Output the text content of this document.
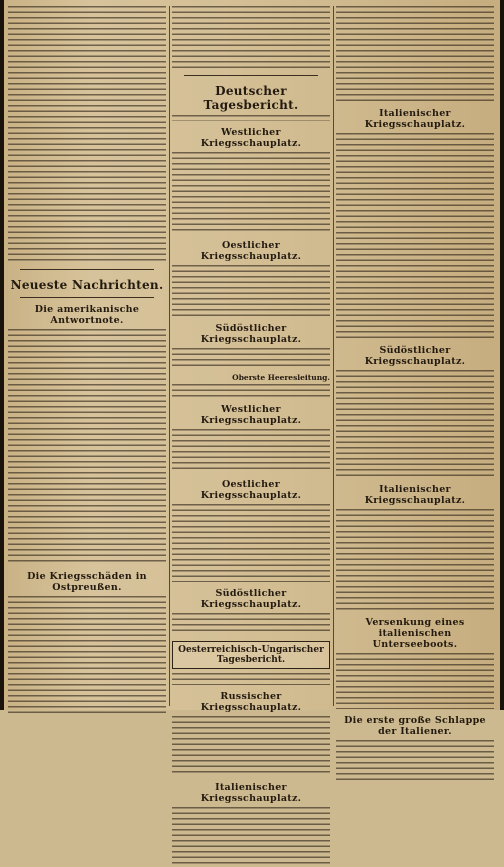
Neueste Nachrichten.
Die amerikanische Antwortnote.
Die Kriegsschäden in Ostpreußen.
Deutscher Tagesbericht.
Westlicher Kriegsschauplatz.
Oestlicher Kriegsschauplatz.
Südöstlicher Kriegsschauplatz.
Oberste Heeresleitung.
Westlicher Kriegsschauplatz.
Oestlicher Kriegsschauplatz.
Südöstlicher Kriegsschauplatz.
Oesterreichisch-Ungarischer Tagesbericht.
Russischer Kriegsschauplatz.
Italienischer Kriegsschauplatz.
Italienischer Kriegsschauplatz.
Südöstlicher Kriegsschauplatz.
Italienischer Kriegsschauplatz.
Versenkung eines italienischen Unterseeboots.
Die erste große Schlappe der Italiener.
